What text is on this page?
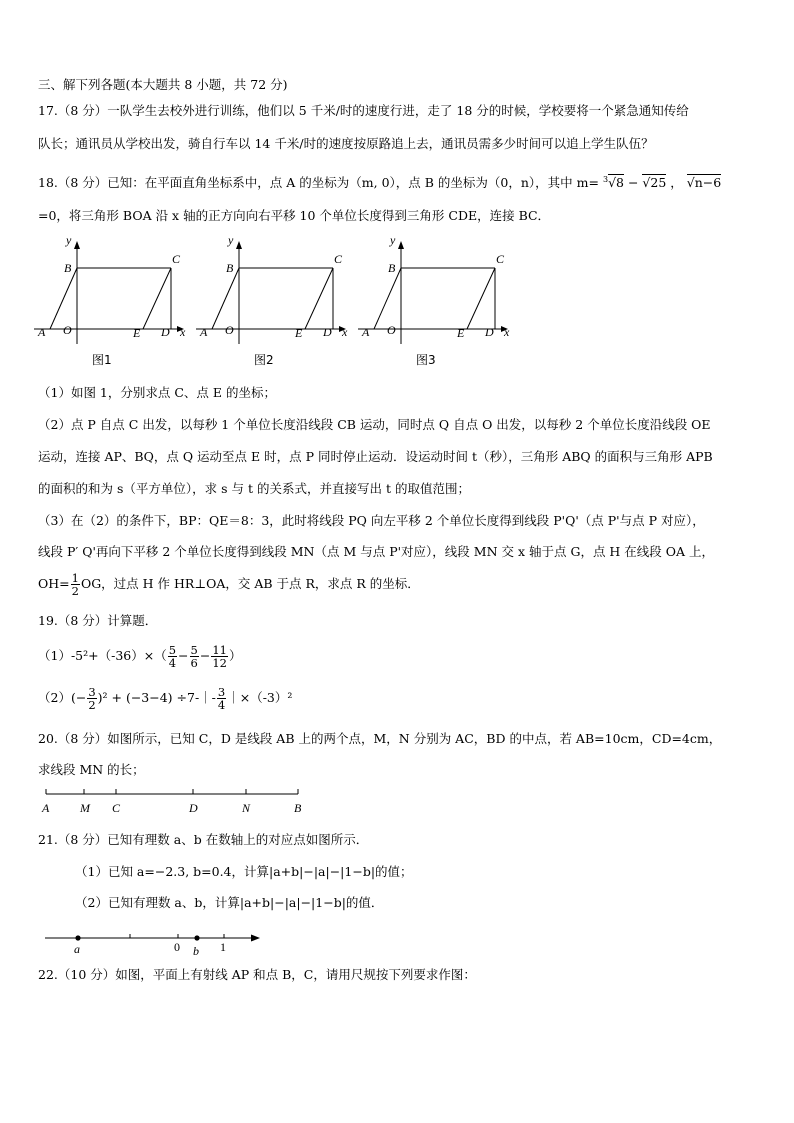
三、解下列各题(本大题共 8 小题，共 72 分)
17.（8 分）一队学生去校外进行训练，他们以 5 千米/时的速度行进，走了 18 分的时候，学校要将一个紧急通知传给
队长；通讯员从学校出发，骑自行车以 14 千米/时的速度按原路追上去，通讯员需多少时间可以追上学生队伍？
18.（8 分）已知：在平面直角坐标系中，点 A 的坐标为（m, 0），点 B 的坐标为（0，n），其中 m= $^3$√8 − √25 ， √n−6
=0，将三角形 BOA 沿 x 轴的正方向向右平移 10 个单位长度得到三角形 CDE，连接 BC．
y
B
C
A O	E D x
图1
y
B
C
A O	E D x
图2
y
B
C
A O	E D x
图3
（1）如图 1，分别求点 C、点 E 的坐标；
（2）点 P 自点 C 出发，以每秒 1 个单位长度沿线段 CB 运动，同时点 Q 自点 O 出发，以每秒 2 个单位长度沿线段 OE
运动，连接 AP、BQ，点 Q 运动至点 E 时，点 P 同时停止运动．设运动时间 t（秒），三角形 ABQ 的面积与三角形 APB
的面积的和为 s（平方单位），求 s 与 t 的关系式，并直接写出 t 的取值范围；
（3）在（2）的条件下，BP：QE＝8：3，此时将线段 PQ 向左平移 2 个单位长度得到线段 P'Q'（点 P'与点 P 对应），
线段 P′ Q'再向下平移 2 个单位长度得到线段 MN（点 M 与点 P'对应），线段 MN 交 x 轴于点 G，点 H 在线段 OA 上，
$OH= \frac{1}{2}$ OG，过点 H 作 HR⊥OA，交 AB 于点 R，求点 R 的坐标．
19.（8 分）计算题．
$(1)-5^2+(-36)\times( \frac{5}{4} - \frac{5}{6} - \frac{11}{12}$ ）
$(2)(- \frac{3}{2} )^2 + (-3-4)$ ÷7-｜- $\frac{3}{4}$ ｜×（-3）²
20.（8 分）如图所示，已知 C，D 是线段 AB 上的两个点，M，N 分别为 AC，BD 的中点，若 AB=10cm，CD=4cm，
求线段 MN 的长；
A	M C	D	N	B
21.（8 分）已知有理数 a、b 在数轴上的对应点如图所示．
（1）已知 a=−2.3, b=0.4，计算|a+b|−|a|−|1−b|的值；
（2）已知有理数 a、b，计算|a+b|−|a|−|1−b|的值．
a	0 b 1
22.（10 分）如图，平面上有射线 AP 和点 B，C，请用尺规按下列要求作图：
